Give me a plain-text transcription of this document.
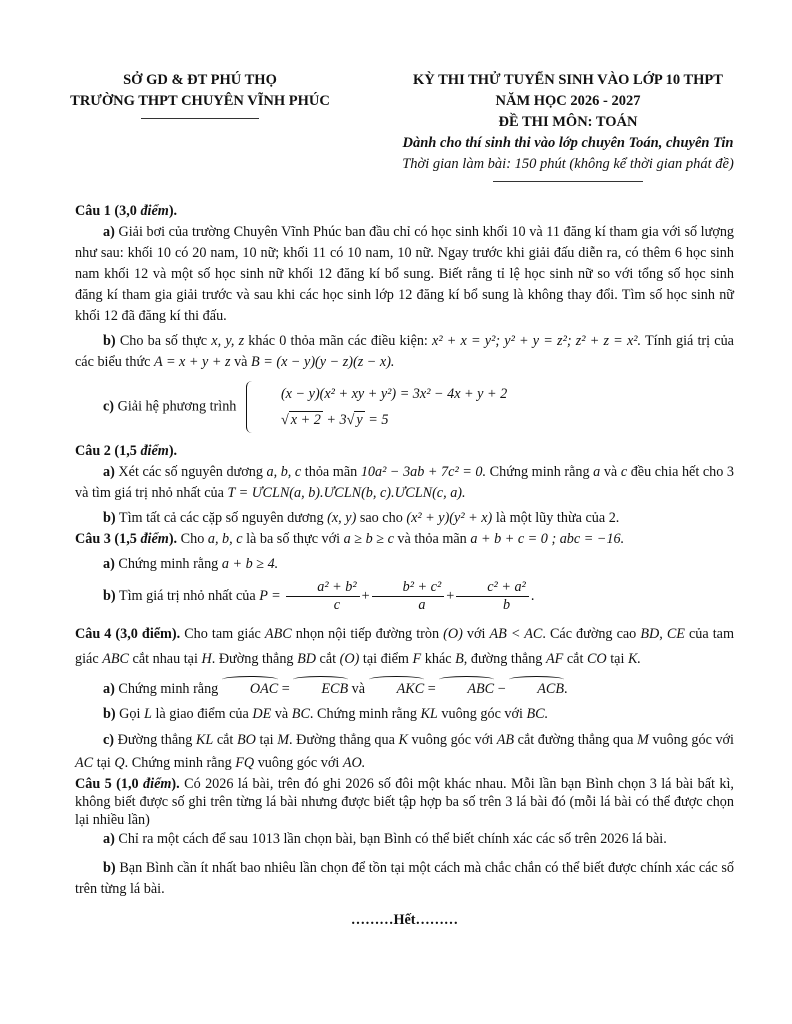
SỞ GD & ĐT PHÚ THỌ
TRƯỜNG THPT CHUYÊN VĨNH PHÚC
KỲ THI THỬ TUYỂN SINH VÀO LỚP 10 THPT
NĂM HỌC 2026 - 2027
ĐỀ THI MÔN: TOÁN
Dành cho thí sinh thi vào lớp chuyên Toán, chuyên Tin
Thời gian làm bài: 150 phút (không kể thời gian phát đề)

Câu 1 (3,0 điểm).

a) Giải bơi của trường Chuyên Vĩnh Phúc ban đầu chỉ có học sinh khối 10 và 11 đăng kí tham gia với số lượng như sau: khối 10 có 20 nam, 10 nữ; khối 11 có 10 nam, 10 nữ. Ngay trước khi giải đấu diễn ra, có thêm 6 học sinh nam khối 12 và một số học sinh nữ khối 12 đăng kí bổ sung. Biết rằng tỉ lệ học sinh nữ so với tổng số học sinh đăng kí tham gia giải trước và sau khi các học sinh lớp 12 đăng kí bổ sung là không thay đổi. Tìm số học sinh nữ khối 12 đã đăng kí thi đấu.

b) Cho ba số thực x, y, z khác 0 thỏa mãn các điều kiện: x² + x = y²; y² + y = z²; z² + z = x². Tính giá trị của các biểu thức A = x + y + z và B = (x − y)(y − z)(z − x).

c) Giải hệ phương trình
(x − y)(x² + xy + y²) = 3x² − 4x + y + 2
√ x + 2 + 3√ y = 5

Câu 2 (1,5 điểm).

a) Xét các số nguyên dương a, b, c thỏa mãn 10a² − 3ab + 7c² = 0. Chứng minh rằng a và c đều chia hết cho 3 và tìm giá trị nhỏ nhất của T = ƯCLN(a, b).ƯCLN(b, c).ƯCLN(c, a).

b) Tìm tất cả các cặp số nguyên dương (x, y) sao cho (x² + y)(y² + x) là một lũy thừa của 2.

Câu 3 (1,5 điểm). Cho a, b, c là ba số thực với a ≥ b ≥ c và thỏa mãn a + b + c = 0 ; abc = −16.

a) Chứng minh rằng a + b ≥ 4.

b) Tìm giá trị nhỏ nhất của $P = \frac{\text{a² + b²}}{c} + \frac{\text{b² + c²}}{a} + \frac{\text{c² + a²}}{b}$ .

Câu 4 (3,0 điểm). Cho tam giác ABC nhọn nội tiếp đường tròn (O) với AB < AC. Các đường cao BD, CE của tam giác ABC cắt nhau tại H. Đường thẳng BD cắt (O) tại điểm F khác B, đường thẳng AF cắt CO tại K.

a) Chứng minh rằng OAC = ECB và AKC = ABC − ACB.

b) Gọi L là giao điểm của DE và BC. Chứng minh rằng KL vuông góc với BC.

c) Đường thẳng KL cắt BO tại M. Đường thẳng qua K vuông góc với AB cắt đường thẳng qua M vuông góc với AC tại Q. Chứng minh rằng FQ vuông góc với AO.

Câu 5 (1,0 điểm). Có 2026 lá bài, trên đó ghi 2026 số đôi một khác nhau. Mỗi lần bạn Bình chọn 3 lá bài bất kì, không biết được số ghi trên từng lá bài nhưng được biết tập hợp ba số trên 3 lá bài đó (mỗi lá bài có thể được chọn lại nhiều lần)

a) Chỉ ra một cách để sau 1013 lần chọn bài, bạn Bình có thể biết chính xác các số trên 2026 lá bài.

b) Bạn Bình cần ít nhất bao nhiêu lần chọn để tồn tại một cách mà chắc chắn có thể biết được chính xác các số trên từng lá bài.

………Hết………
